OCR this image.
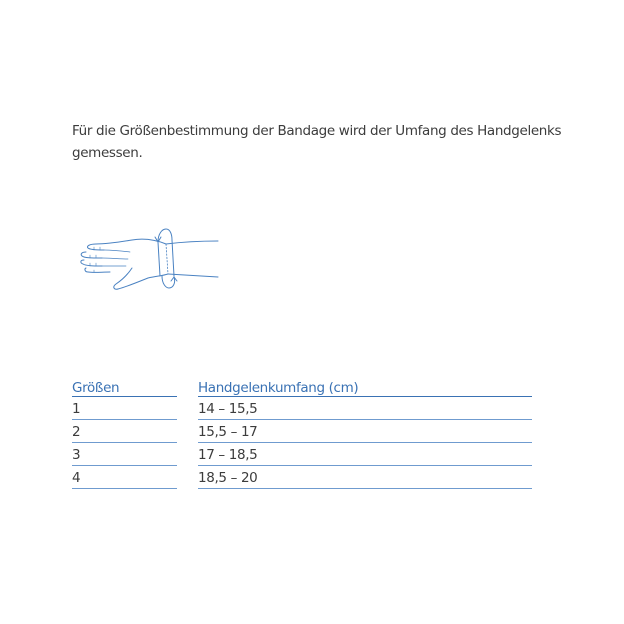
Für die Größenbestimmung der Bandage wird der Umfang des Handgelenks gemessen.

Größen		Handgelenkumfang (cm)
1		14 – 15,5
2		15,5 – 17
3		17 – 18,5
4		18,5 – 20
